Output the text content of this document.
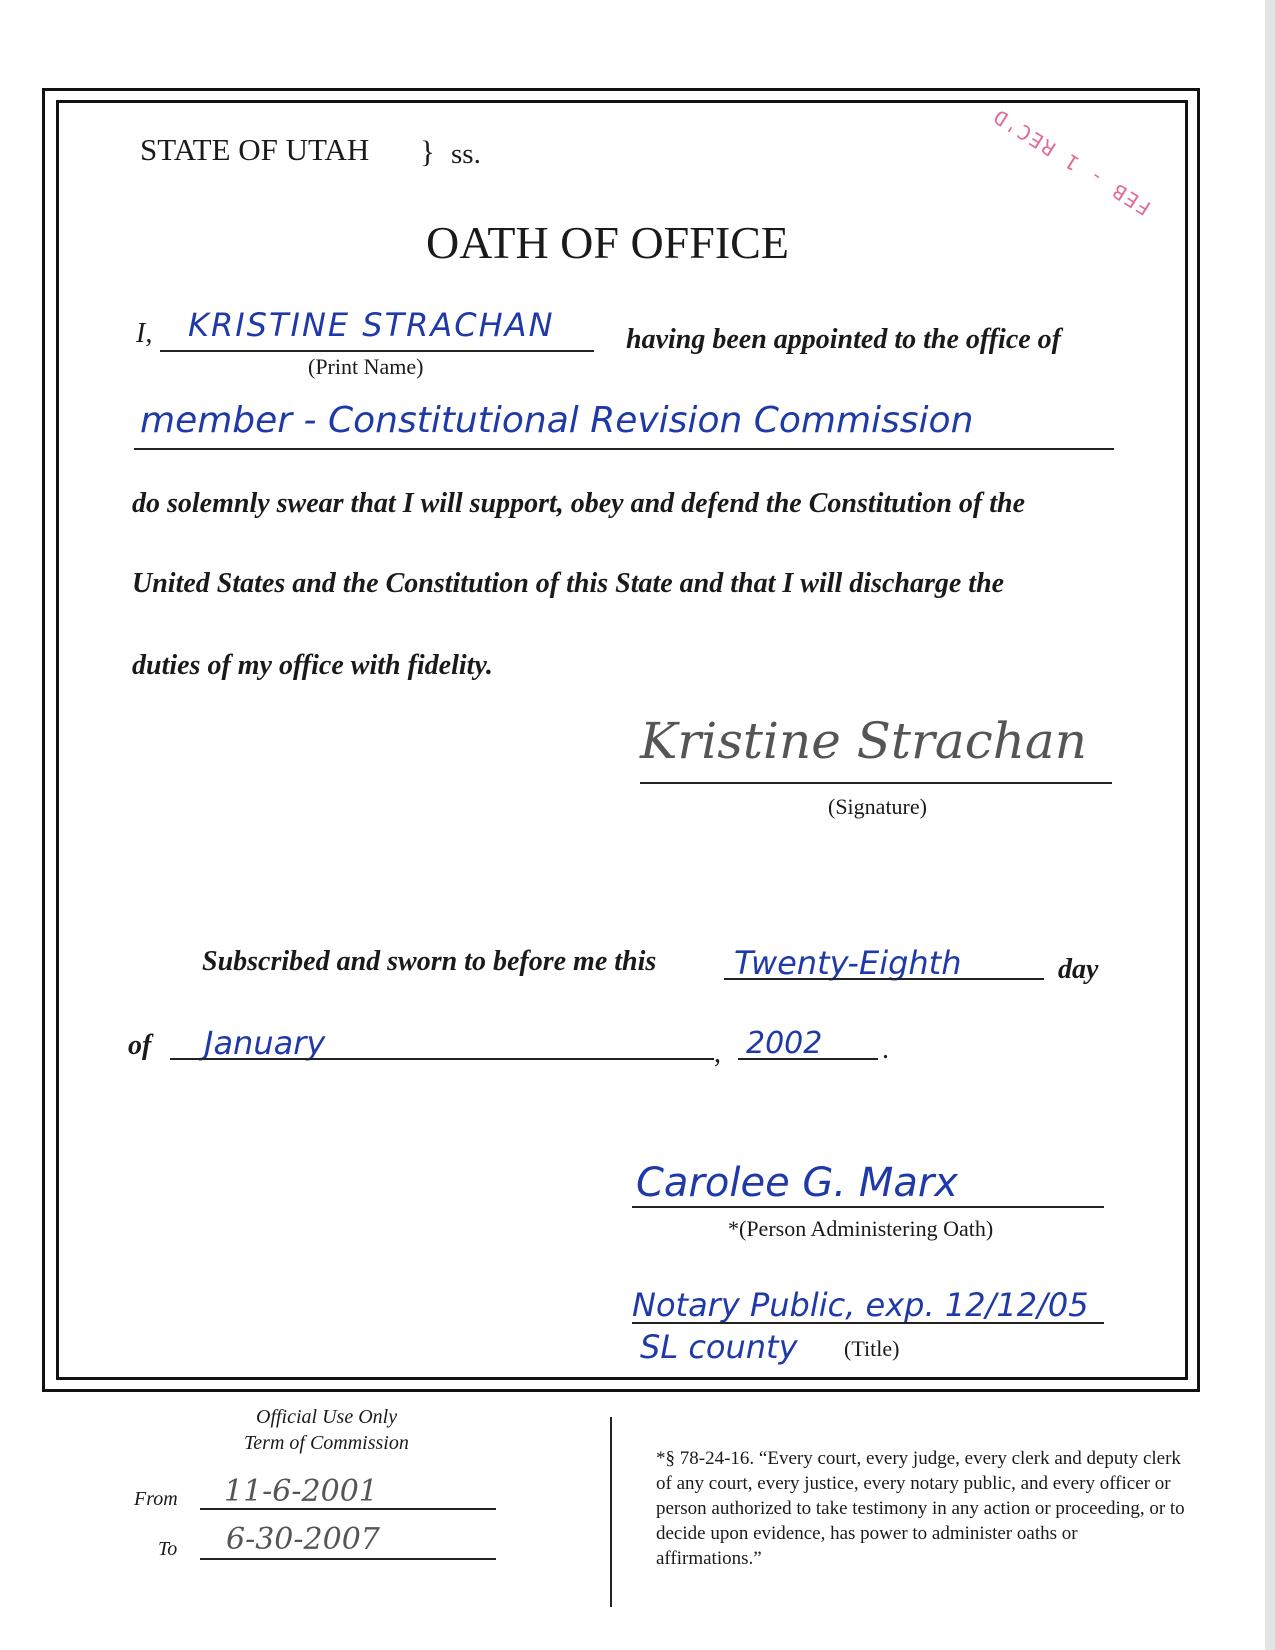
STATE OF UTAH } ss.	FEB - 1 REC'D
OATH OF OFFICE
I, KRISTINE STRACHAN
(Print Name)
having been appointed to the office of
member - Constitutional Revision Commission
do solemnly swear that I will support, obey and defend the Constitution of the
United States and the Constitution of this State and that I will discharge the
duties of my office with fidelity.
Kristine Strachan
(Signature)
Subscribed and sworn to before me this Twenty-Eighth	day
of January	, 2002 .
Carolee G. Marx
*(Person Administering Oath)
Notary Public, exp. 12/12/05
SL county (Title)
Official Use Only
Term of Commission
From 11-6-2001
To 6-30-2007
*§ 78-24-16. “Every court, every judge, every clerk and deputy clerk of any court, every justice, every notary public, and every officer or person authorized to take testimony in any action or proceeding, or to decide upon evidence, has power to administer oaths or affirmations.”
